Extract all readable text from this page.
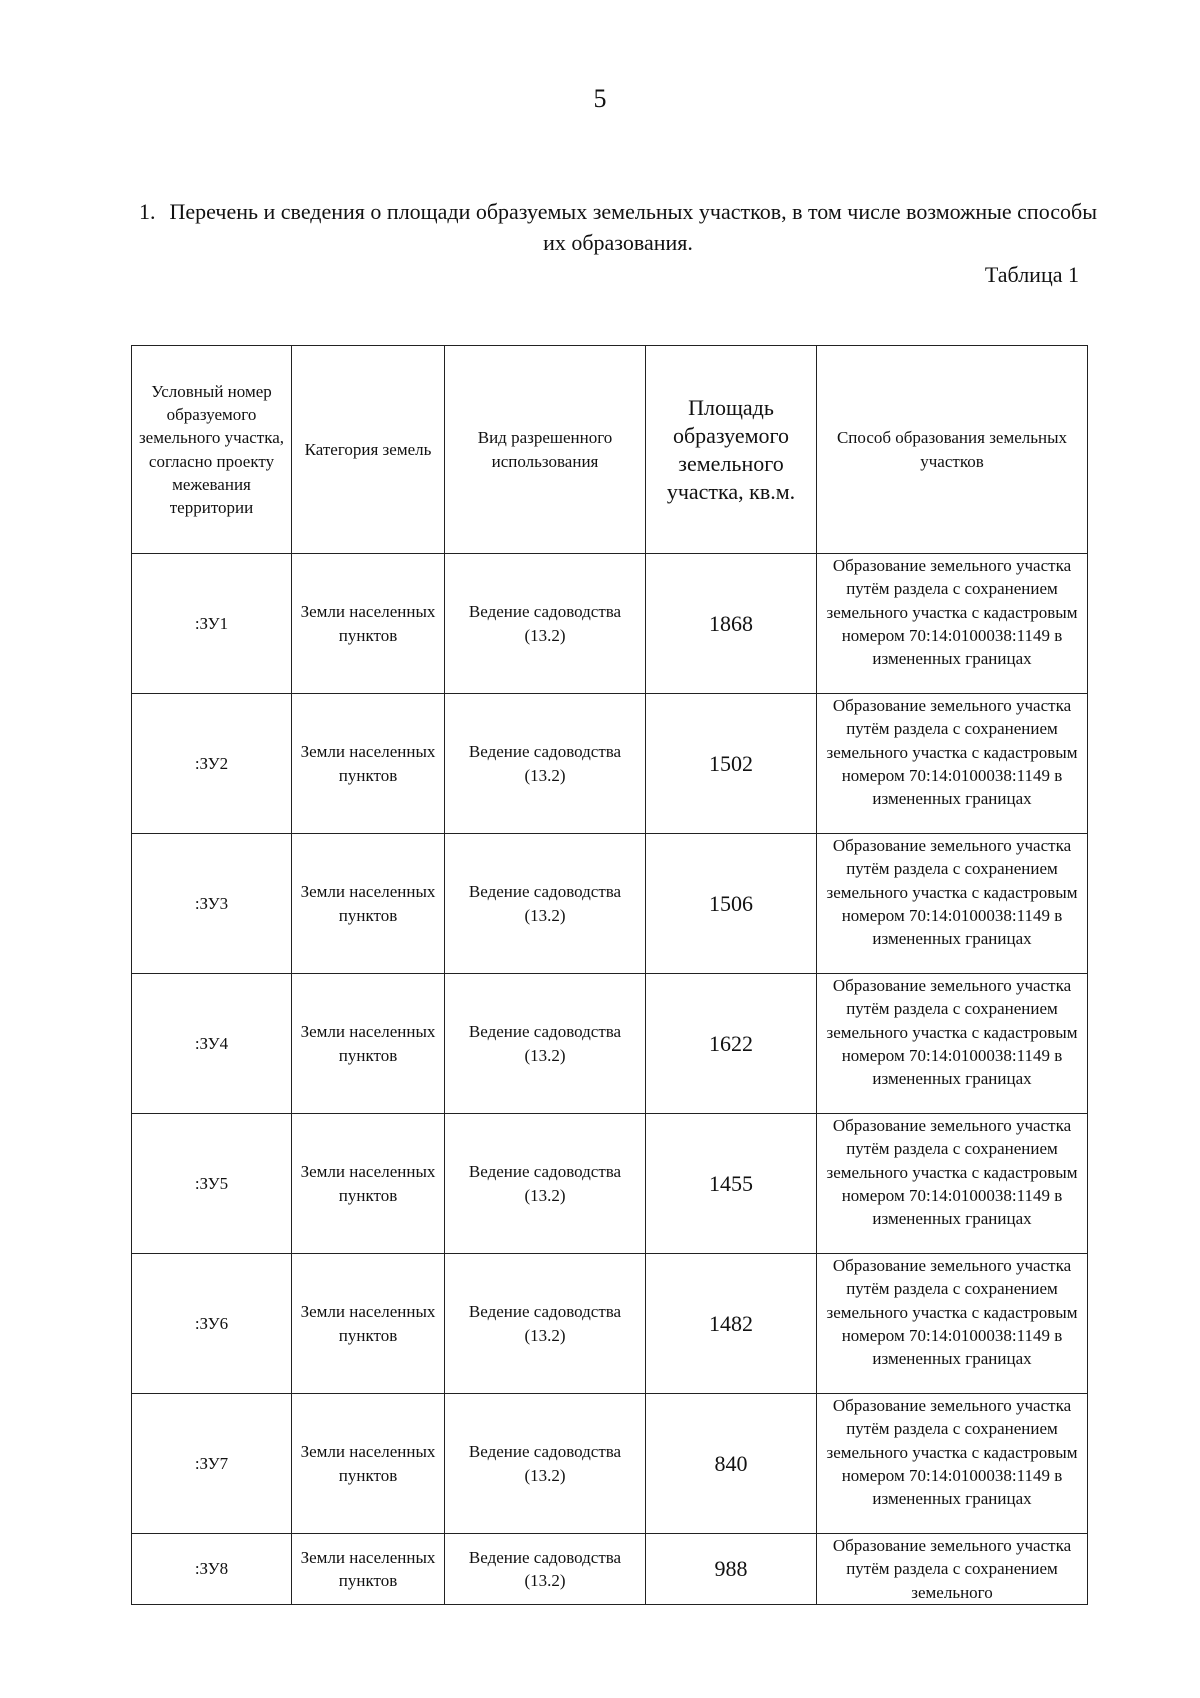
5
1. Перечень и сведения о площади образуемых земельных участков, в том числе возможные способы их образования.
Таблица 1
Условный номер образуемого земельного участка, согласно проекту межевания территории	Категория земель	Вид разрешенного использования	Площадь образуемого земельного участка, кв.м.	Способ образования земельных участков
:ЗУ1	Земли населенных пунктов	Ведение садоводства (13.2)	1868	Образование земельного участка путём раздела с сохранением земельного участка с кадастровым номером 70:14:0100038:1149 в измененных границах
:ЗУ2	Земли населенных пунктов	Ведение садоводства (13.2)	1502	Образование земельного участка путём раздела с сохранением земельного участка с кадастровым номером 70:14:0100038:1149 в измененных границах
:ЗУ3	Земли населенных пунктов	Ведение садоводства (13.2)	1506	Образование земельного участка путём раздела с сохранением земельного участка с кадастровым номером 70:14:0100038:1149 в измененных границах
:ЗУ4	Земли населенных пунктов	Ведение садоводства (13.2)	1622	Образование земельного участка путём раздела с сохранением земельного участка с кадастровым номером 70:14:0100038:1149 в измененных границах
:ЗУ5	Земли населенных пунктов	Ведение садоводства (13.2)	1455	Образование земельного участка путём раздела с сохранением земельного участка с кадастровым номером 70:14:0100038:1149 в измененных границах
:ЗУ6	Земли населенных пунктов	Ведение садоводства (13.2)	1482	Образование земельного участка путём раздела с сохранением земельного участка с кадастровым номером 70:14:0100038:1149 в измененных границах
:ЗУ7	Земли населенных пунктов	Ведение садоводства (13.2)	840	Образование земельного участка путём раздела с сохранением земельного участка с кадастровым номером 70:14:0100038:1149 в измененных границах
:ЗУ8	Земли населенных пунктов	Ведение садоводства (13.2)	988	Образование земельного участка путём раздела с сохранением земельного
